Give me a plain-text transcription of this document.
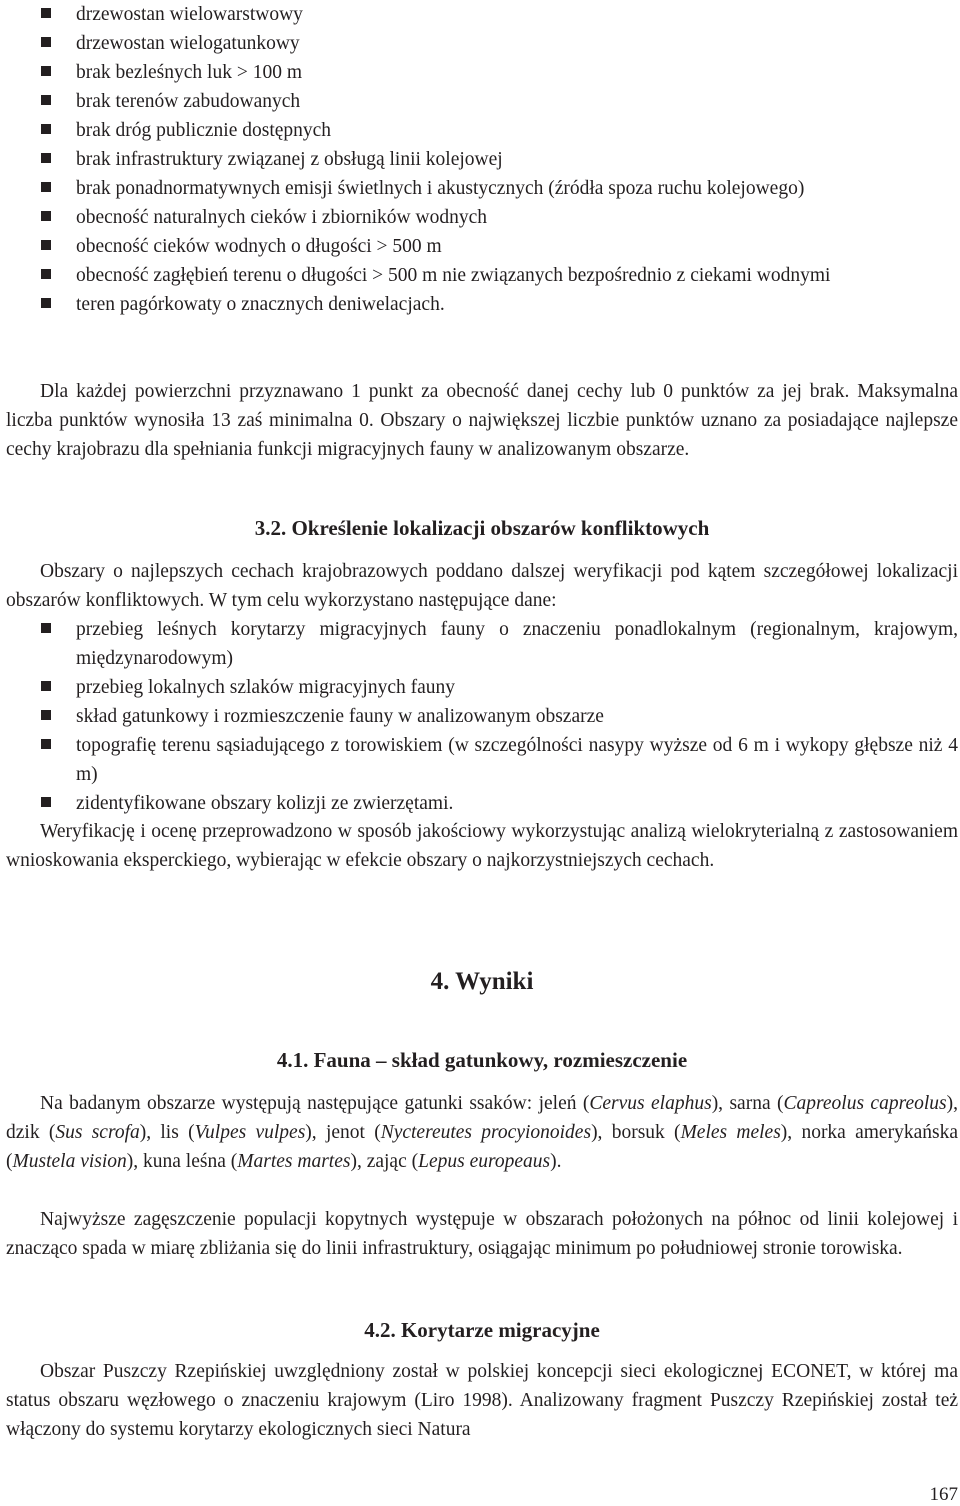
drzewostan wielowarstwowy
drzewostan wielogatunkowy
brak bezleśnych luk > 100 m
brak terenów zabudowanych
brak dróg publicznie dostępnych
brak infrastruktury związanej z obsługą linii kolejowej
brak ponadnormatywnych emisji świetlnych i akustycznych (źródła spoza ruchu kolejowego)
obecność naturalnych cieków i zbiorników wodnych
obecność cieków wodnych o długości > 500 m
obecność zagłębień terenu o długości > 500 m nie związanych bezpośrednio z ciekami wodnymi
teren pagórkowaty o znacznych deniwelacjach.

Dla każdej powierzchni przyznawano 1 punkt za obecność danej cechy lub 0 punktów za jej brak. Maksymalna liczba punktów wynosiła 13 zaś minimalna 0. Obszary o największej liczbie punktów uznano za posiadające najlepsze cechy krajobrazu dla spełniania funkcji migracyjnych fauny w analizowanym obszarze.

3.2. Określenie lokalizacji obszarów konfliktowych

Obszary o najlepszych cechach krajobrazowych poddano dalszej weryfikacji pod kątem szczegółowej lokalizacji obszarów konfliktowych. W tym celu wykorzystano następujące dane:

przebieg leśnych korytarzy migracyjnych fauny o znaczeniu ponadlokalnym (regionalnym, krajowym, międzynarodowym)
przebieg lokalnych szlaków migracyjnych fauny
skład gatunkowy i rozmieszczenie fauny w analizowanym obszarze
topografię terenu sąsiadującego z torowiskiem (w szczególności nasypy wyższe od 6 m i wykopy głębsze niż 4 m)
zidentyfikowane obszary kolizji ze zwierzętami.

Weryfikację i ocenę przeprowadzono w sposób jakościowy wykorzystując analizą wielokryterialną z zastosowaniem wnioskowania eksperckiego, wybierając w efekcie obszary o najkorzystniejszych cechach.

4. Wyniki
4.1. Fauna – skład gatunkowy, rozmieszczenie

Na badanym obszarze występują następujące gatunki ssaków: jeleń (Cervus elaphus), sarna (Capreolus capreolus), dzik (Sus scrofa), lis (Vulpes vulpes), jenot (Nyctereutes procyionoides), borsuk (Meles meles), norka amerykańska (Mustela vision), kuna leśna (Martes martes), zając (Lepus europeaus).

Najwyższe zagęszczenie populacji kopytnych występuje w obszarach położonych na północ od linii kolejowej i znacząco spada w miarę zbliżania się do linii infrastruktury, osiągając minimum po południowej stronie torowiska.

4.2. Korytarze migracyjne

Obszar Puszczy Rzepińskiej uwzględniony został w polskiej koncepcji sieci ekologicznej ECONET, w której ma status obszaru węzłowego o znaczeniu krajowym (Liro 1998). Analizowany fragment Puszczy Rzepińskiej został też włączony do systemu korytarzy ekologicznych sieci Natura

167
